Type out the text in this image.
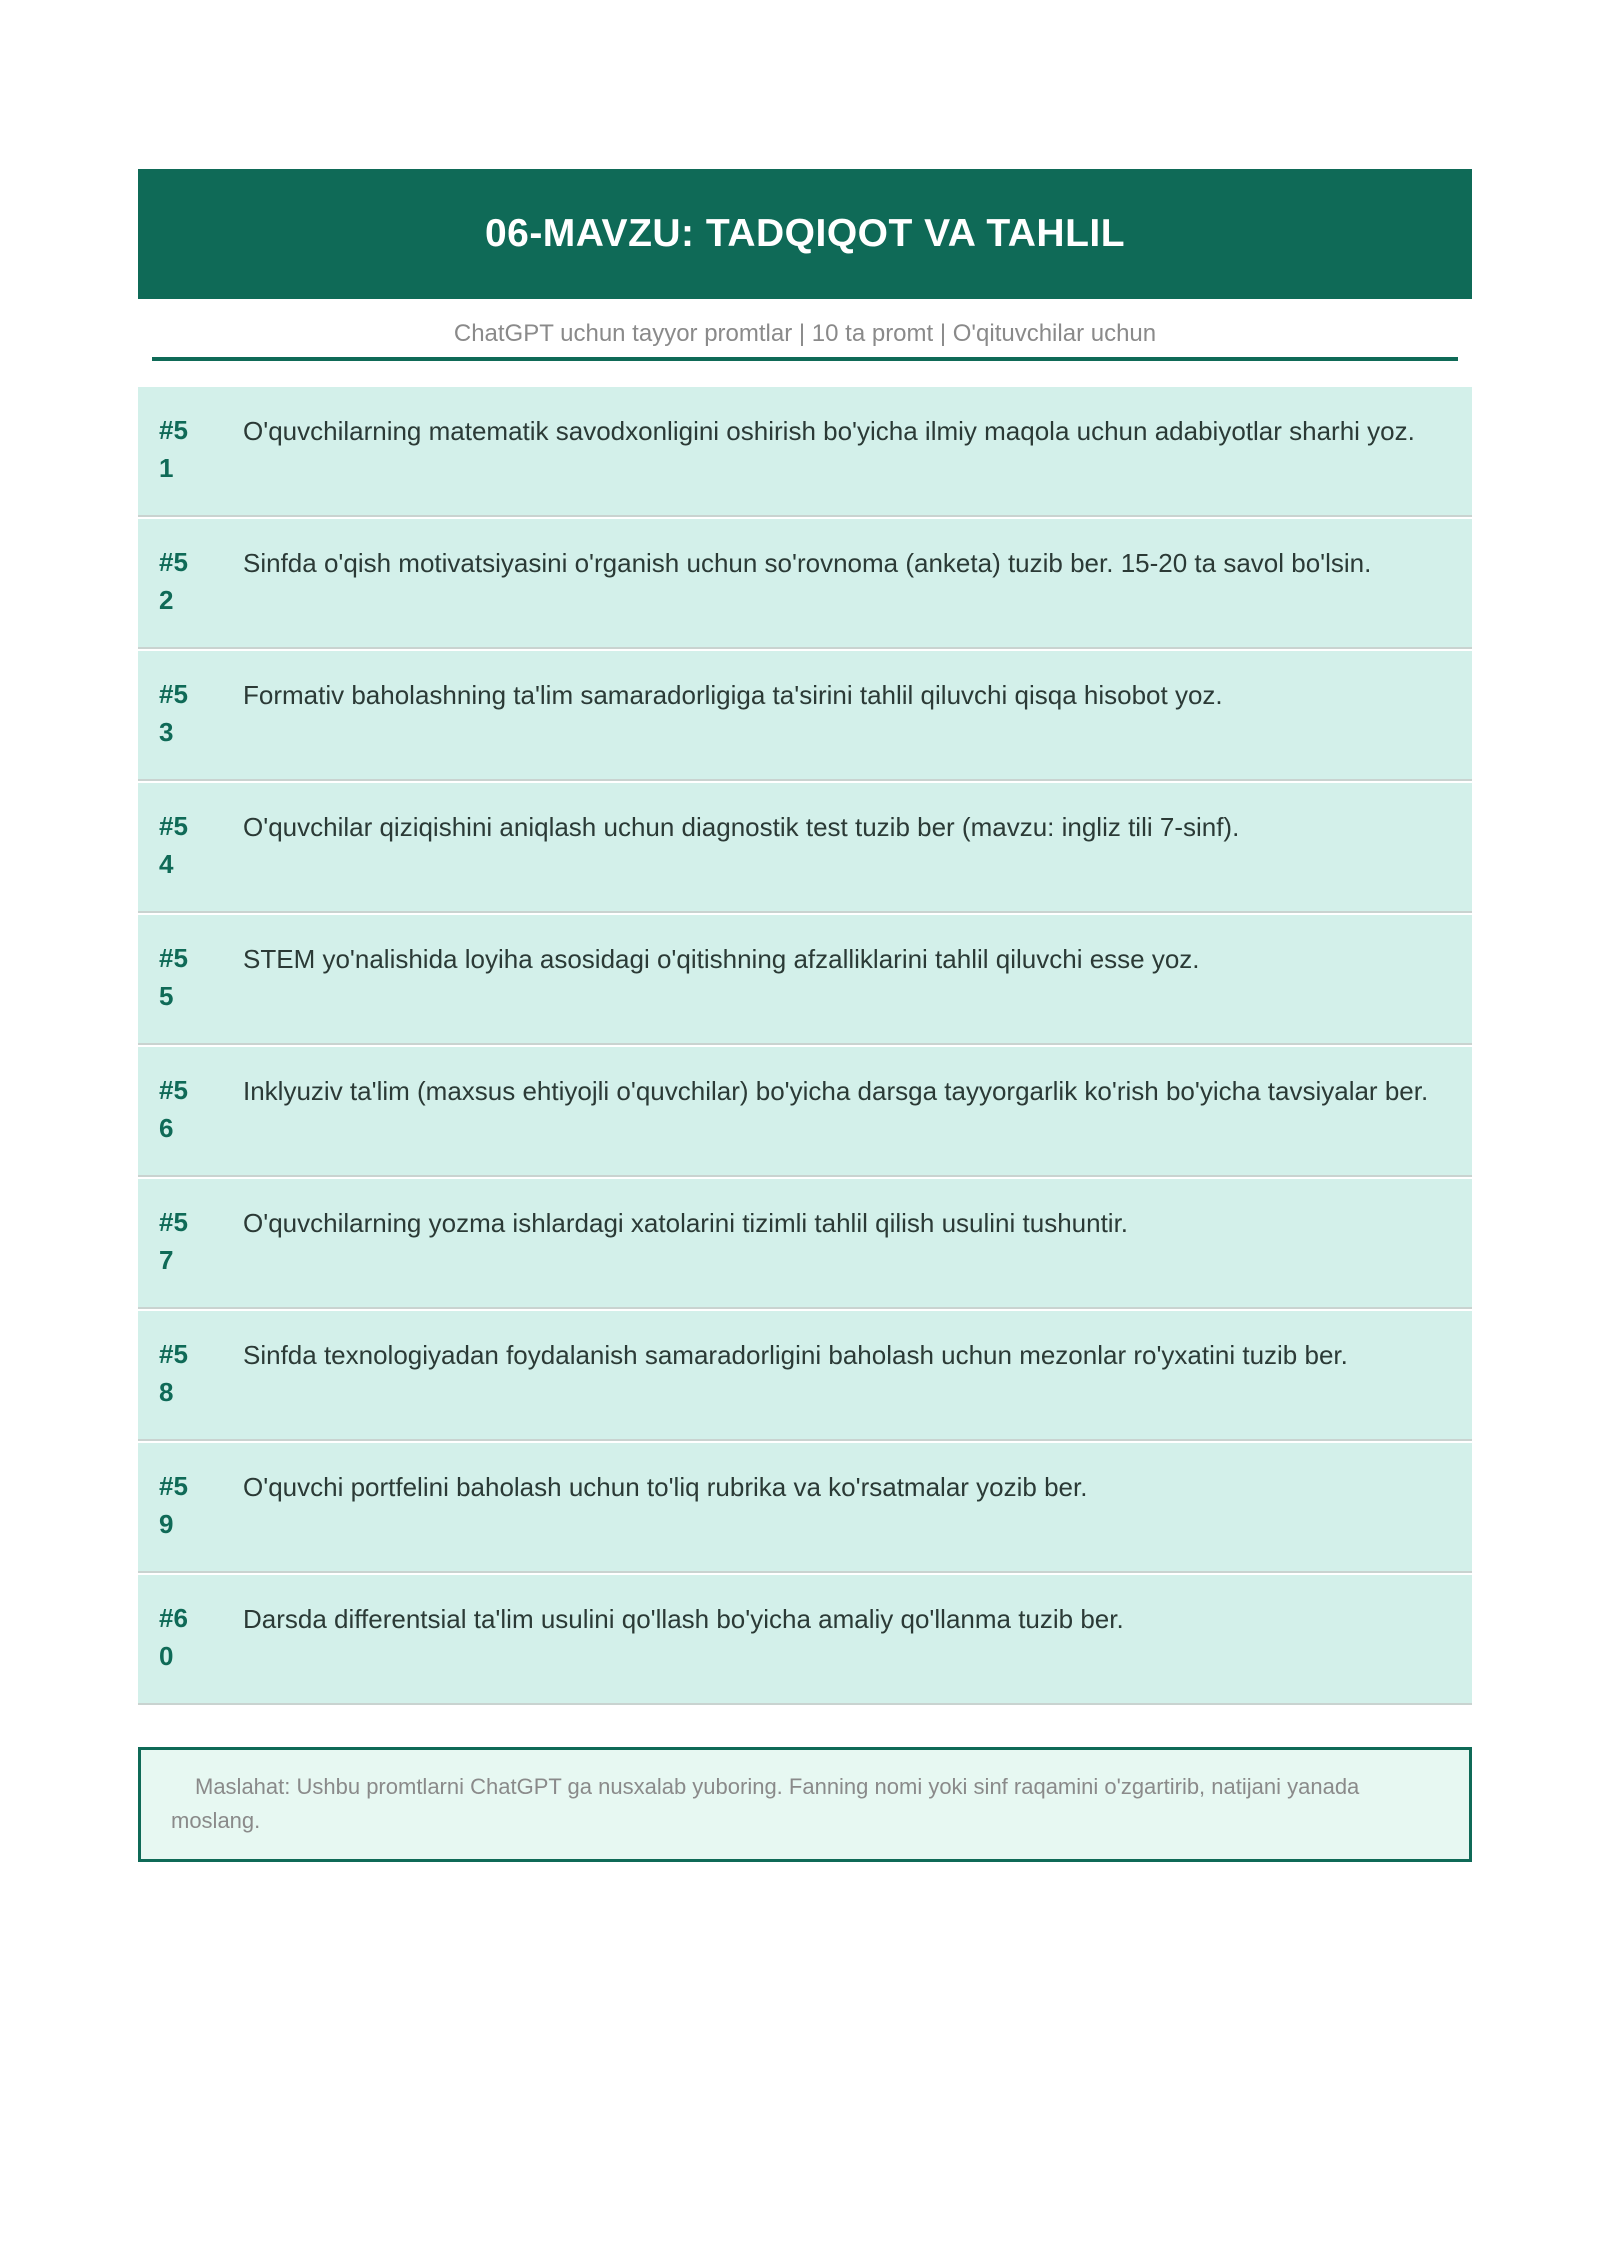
06-MAVZU: TADQIQOT VA TAHLIL
ChatGPT uchun tayyor promtlar | 10 ta promt | O'qituvchilar uchun
#51
O'quvchilarning matematik savodxonligini oshirish bo'yicha ilmiy maqola uchun adabiyotlar sharhi yoz.
#52
Sinfda o'qish motivatsiyasini o'rganish uchun so'rovnoma (anketa) tuzib ber. 15-20 ta savol bo'lsin.
#53
Formativ baholashning ta'lim samaradorligiga ta'sirini tahlil qiluvchi qisqa hisobot yoz.
#54
O'quvchilar qiziqishini aniqlash uchun diagnostik test tuzib ber (mavzu: ingliz tili 7-sinf).
#55
STEM yo'nalishida loyiha asosidagi o'qitishning afzalliklarini tahlil qiluvchi esse yoz.
#56
Inklyuziv ta'lim (maxsus ehtiyojli o'quvchilar) bo'yicha darsga tayyorgarlik ko'rish bo'yicha tavsiyalar ber.
#57
O'quvchilarning yozma ishlardagi xatolarini tizimli tahlil qilish usulini tushuntir.
#58
Sinfda texnologiyadan foydalanish samaradorligini baholash uchun mezonlar ro'yxatini tuzib ber.
#59
O'quvchi portfelini baholash uchun to'liq rubrika va ko'rsatmalar yozib ber.
#60
Darsda differentsial ta'lim usulini qo'llash bo'yicha amaliy qo'llanma tuzib ber.
Maslahat: Ushbu promtlarni ChatGPT ga nusxalab yuboring. Fanning nomi yoki sinf raqamini o'zgartirib, natijani yanada moslang.
